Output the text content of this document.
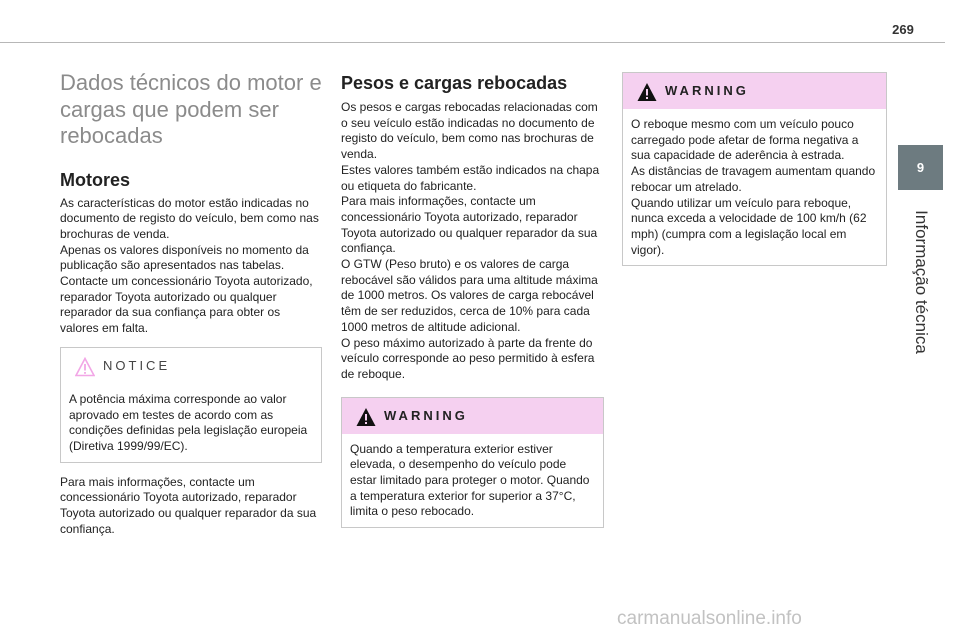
269
9
Informação técnica
Dados técnicos do motor e cargas que podem ser rebocadas
Motores

As características do motor estão indicadas no documento de registo do veículo, bem como nas brochuras de venda.

Apenas os valores disponíveis no momento da publicação são apresentados nas tabelas.

Contacte um concessionário Toyota autorizado, reparador Toyota autorizado ou qualquer reparador da sua confiança para obter os valores em falta.

NOTICE
A potência máxima corresponde ao valor aprovado em testes de acordo com as condições definidas pela legislação europeia (Diretiva 1999/99/EC).

Para mais informações, contacte um concessionário Toyota autorizado, reparador Toyota autorizado ou qualquer reparador da sua confiança.

Pesos e cargas rebocadas

Os pesos e cargas rebocadas relacionadas com o seu veículo estão indicadas no documento de registo do veículo, bem como nas brochuras de venda.

Estes valores também estão indicados na chapa ou etiqueta do fabricante.

Para mais informações, contacte um concessionário Toyota autorizado, reparador Toyota autorizado ou qualquer reparador da sua confiança.

O GTW (Peso bruto) e os valores de carga rebocável são válidos para uma altitude máxima de 1000 metros. Os valores de carga rebocável têm de ser reduzidos, cerca de 10% para cada 1000 metros de altitude adicional.

O peso máximo autorizado à parte da frente do veículo corresponde ao peso permitido à esfera de reboque.

WARNING
Quando a temperatura exterior estiver elevada, o desempenho do veículo pode estar limitado para proteger o motor. Quando a temperatura exterior for superior a 37°C, limita o peso rebocado.
WARNING

O reboque mesmo com um veículo pouco carregado pode afetar de forma negativa a sua capacidade de aderência à estrada.

As distâncias de travagem aumentam quando rebocar um atrelado.

Quando utilizar um veículo para reboque, nunca exceda a velocidade de 100 km/h (62 mph) (cumpra com a legislação local em vigor).

carmanualsonline.info
